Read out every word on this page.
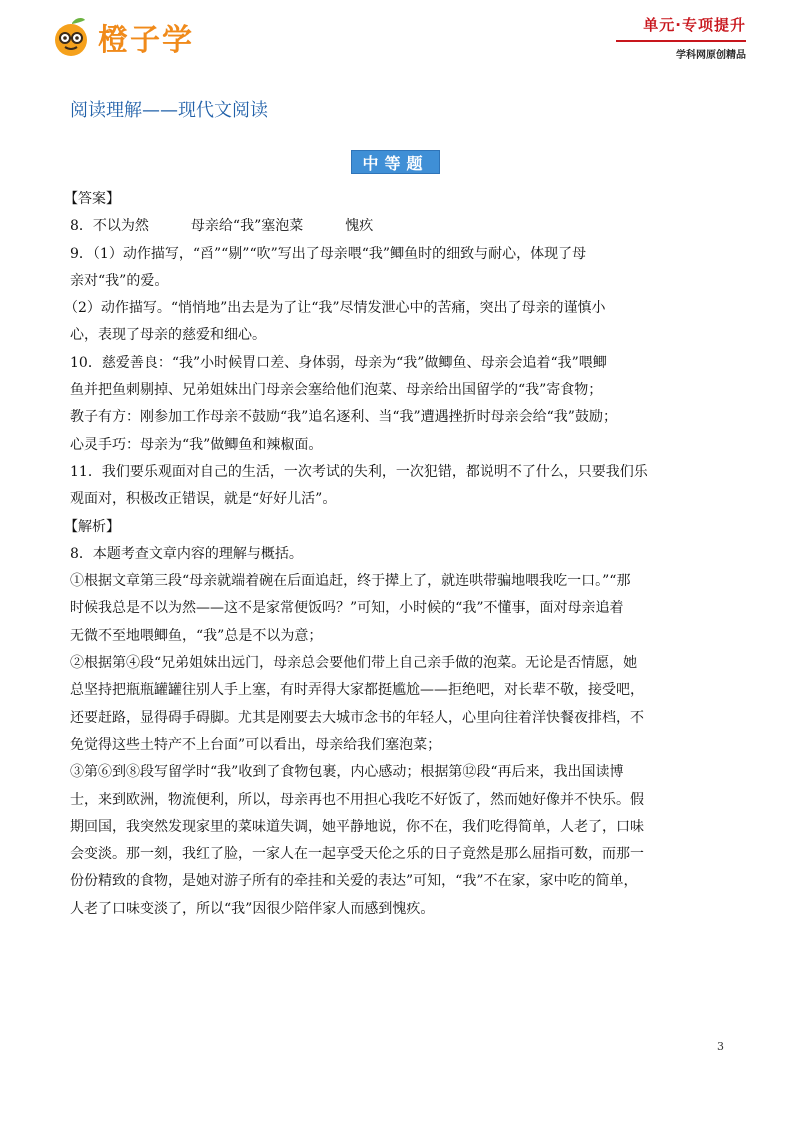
橙子学	单元·专项提升
学科网原创精品
阅读理解——现代文阅读
中等题

【答案】

8．不以为然　　　母亲给“我”塞泡菜　　　愧疚

9．（1）动作描写，“舀”“剔”“吹”写出了母亲喂“我”鲫鱼时的细致与耐心，体现了母

亲对“我”的爱。

（2）动作描写。“悄悄地”出去是为了让“我”尽情发泄心中的苦痛，突出了母亲的谨慎小

心，表现了母亲的慈爱和细心。

10．慈爱善良：“我”小时候胃口差、身体弱，母亲为“我”做鲫鱼、母亲会追着“我”喂鲫

鱼并把鱼刺剔掉、兄弟姐妹出门母亲会塞给他们泡菜、母亲给出国留学的“我”寄食物；

教子有方：刚参加工作母亲不鼓励“我”追名逐利、当“我”遭遇挫折时母亲会给“我”鼓励；

心灵手巧：母亲为“我”做鲫鱼和辣椒面。

11．我们要乐观面对自己的生活，一次考试的失利，一次犯错，都说明不了什么，只要我们乐

观面对，积极改正错误，就是“好好儿活”。

【解析】

8．本题考查文章内容的理解与概括。

①根据文章第三段“母亲就端着碗在后面追赶，终于撵上了，就连哄带骗地喂我吃一口。”“那

时候我总是不以为然——这不是家常便饭吗？”可知，小时候的“我”不懂事，面对母亲追着

无微不至地喂鲫鱼，“我”总是不以为意；

②根据第④段“兄弟姐妹出远门，母亲总会要他们带上自己亲手做的泡菜。无论是否情愿，她

总坚持把瓶瓶罐罐往别人手上塞，有时弄得大家都挺尴尬——拒绝吧，对长辈不敬，接受吧，

还要赶路，显得碍手碍脚。尤其是刚要去大城市念书的年轻人，心里向往着洋快餐夜排档，不

免觉得这些土特产不上台面”可以看出，母亲给我们塞泡菜；

③第⑥到⑧段写留学时“我”收到了食物包裹，内心感动；根据第⑫段“再后来，我出国读博

士，来到欧洲，物流便利，所以，母亲再也不用担心我吃不好饭了，然而她好像并不快乐。假

期回国，我突然发现家里的菜味道失调，她平静地说，你不在，我们吃得简单，人老了，口味

会变淡。那一刻，我红了脸，一家人在一起享受天伦之乐的日子竟然是那么屈指可数，而那一

份份精致的食物，是她对游子所有的牵挂和关爱的表达”可知，“我”不在家，家中吃的简单，

人老了口味变淡了，所以“我”因很少陪伴家人而感到愧疚。

3
